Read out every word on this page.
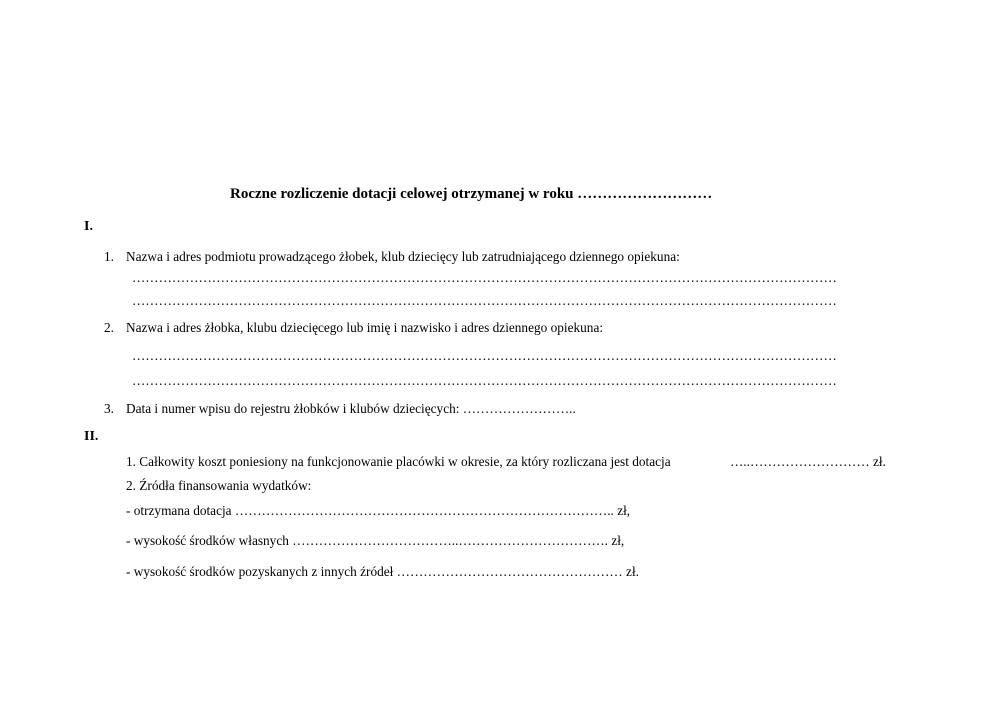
Roczne rozliczenie dotacji celowej otrzymanej w roku ………………………
I.
1. Nazwa i adres podmiotu prowadzącego żłobek, klub dziecięcy lub zatrudniającego dziennego opiekuna:
……………………………………………………………………………………………………………………………………………
……………………………………………………………………………………………………………………………………………
2. Nazwa i adres żłobka, klubu dziecięcego lub imię i nazwisko i adres dziennego opiekuna:
……………………………………………………………………………………………………………………………………………
……………………………………………………………………………………………………………………………………………
3. Data i numer wpisu do rejestru żłobków i klubów dziecięcych: ……………………..
II.
1. Całkowity koszt poniesiony na funkcjonowanie placówki w okresie, za który rozliczana jest dotacja	…..……………………… zł.
2. Źródła finansowania wydatków:
- otrzymana dotacja ………………………………………………………………………….. zł,
- wysokość środków własnych ………………………………..……………………………. zł,
- wysokość środków pozyskanych z innych źródeł …………………………………………… zł.
